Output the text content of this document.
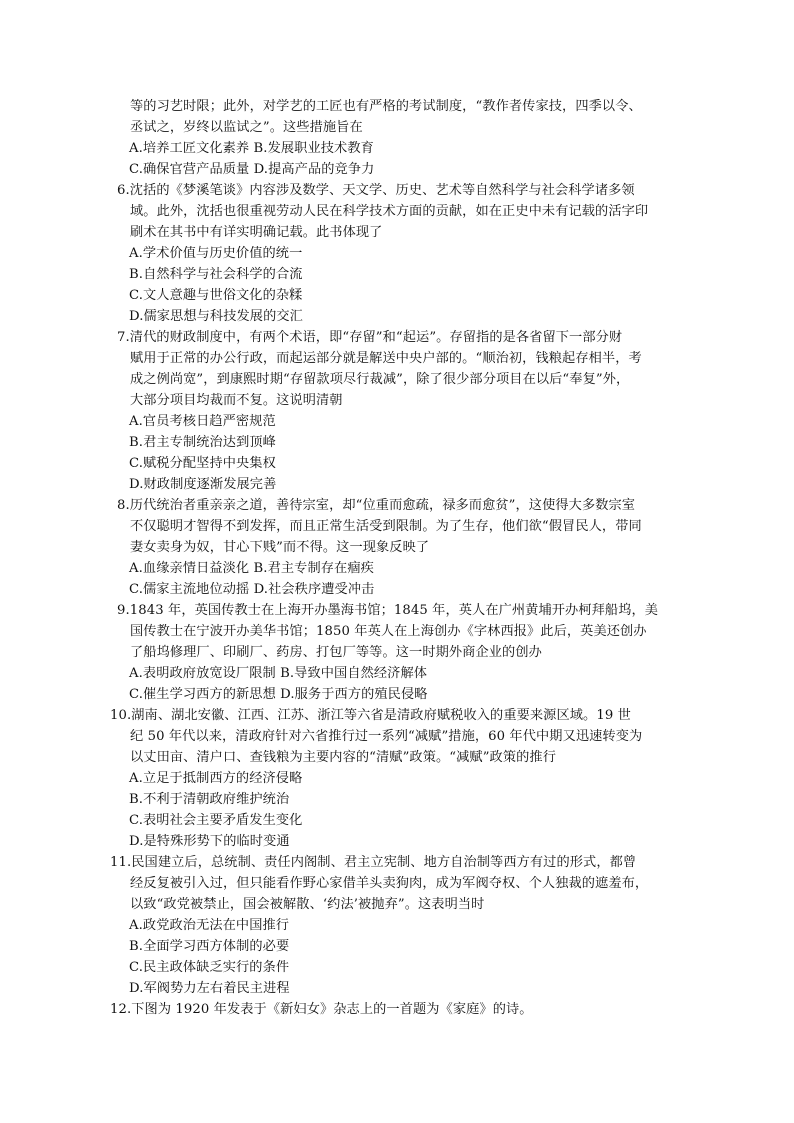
等的习艺时限；此外，对学艺的工匠也有严格的考试制度，“教作者传家技，四季以令、
丞试之，岁终以监试之”。这些措施旨在
A.培养工匠文化素养 B.发展职业技术教育
C.确保官营产品质量 D.提高产品的竞争力
6.沈括的《梦溪笔谈》内容涉及数学、天文学、历史、艺术等自然科学与社会科学诸多领
域。此外，沈括也很重视劳动人民在科学技术方面的贡献，如在正史中未有记载的活字印
刷术在其书中有详实明确记载。此书体现了
A.学术价值与历史价值的统一
B.自然科学与社会科学的合流
C.文人意趣与世俗文化的杂糅
D.儒家思想与科技发展的交汇
7.清代的财政制度中，有两个术语，即“存留”和“起运”。存留指的是各省留下一部分财
赋用于正常的办公行政，而起运部分就是解送中央户部的。“顺治初，钱粮起存相半，考
成之例尚宽”，到康熙时期“存留款项尽行裁减”，除了很少部分项目在以后“奉复”外，
大部分项目均裁而不复。这说明清朝
A.官员考核日趋严密规范
B.君主专制统治达到顶峰
C.赋税分配坚持中央集权
D.财政制度逐渐发展完善
8.历代统治者重亲亲之道，善待宗室，却“位重而愈疏，禄多而愈贫”，这使得大多数宗室
不仅聪明才智得不到发挥，而且正常生活受到限制。为了生存，他们欲“假冒民人，带同
妻女卖身为奴，甘心下贱”而不得。这一现象反映了
A.血缘亲情日益淡化 B.君主专制存在痼疾
C.儒家主流地位动摇 D.社会秩序遭受冲击
9.1843 年，英国传教士在上海开办墨海书馆；1845 年，英人在广州黄埔开办柯拜船坞，美
国传教士在宁波开办美华书馆；1850 年英人在上海创办《字林西报》此后，英美还创办
了船坞修理厂、印刷厂、药房、打包厂等等。这一时期外商企业的创办
A.表明政府放宽设厂限制 B.导致中国自然经济解体
C.催生学习西方的新思想 D.服务于西方的殖民侵略
10.湖南、湖北安徽、江西、江苏、浙江等六省是清政府赋税收入的重要来源区域。19 世
纪 50 年代以来，清政府针对六省推行过一系列“减赋”措施，60 年代中期又迅速转变为
以丈田亩、清户口、查钱粮为主要内容的“清赋”政策。“减赋”政策的推行
A.立足于抵制西方的经济侵略
B.不利于清朝政府维护统治
C.表明社会主要矛盾发生变化
D.是特殊形势下的临时变通
11.民国建立后，总统制、责任内阁制、君主立宪制、地方自治制等西方有过的形式，都曾
经反复被引入过，但只能看作野心家借羊头卖狗肉，成为军阀夺权、个人独裁的遮羞布，
以致“政党被禁止，国会被解散、‘约法’被抛弃”。这表明当时
A.政党政治无法在中国推行
B.全面学习西方体制的必要
C.民主政体缺乏实行的条件
D.军阀势力左右着民主进程
12.下图为 1920 年发表于《新妇女》杂志上的一首题为《家庭》的诗。
